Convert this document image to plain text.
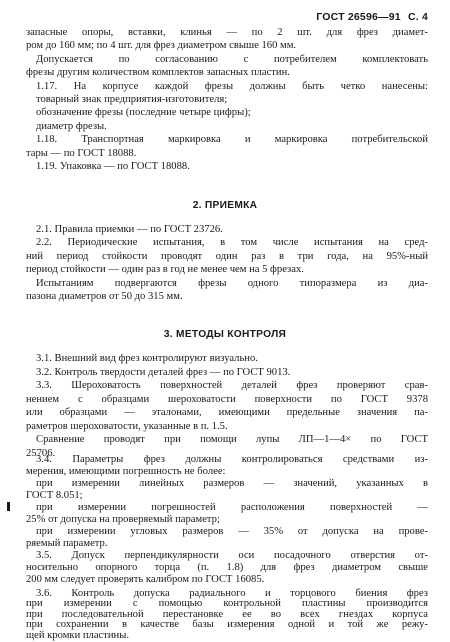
ГОСТ 26596—91 С. 4
запасные опоры, вставки, клинья — по 2 шт. для фрез диамет-
ром до 160 мм; по 4 шт. для фрез диаметром свыше 160 мм.
Допускается по согласованию с потребителем комплектовать
фрезы другим количеством комплектов запасных пластин.
1.17. На корпусе каждой фрезы должны быть четко нанесены:
товарный знак предприятия-изготовителя;
обозначение фрезы (последние четыре цифры);
диаметр фрезы.
1.18. Транспортная маркировка и маркировка потребительской
тары — по ГОСТ 18088.
1.19. Упаковка — по ГОСТ 18088.
2. ПРИЕМКА
2.1. Правила приемки — по ГОСТ 23726.
2.2. Периодические испытания, в том числе испытания на сред-
ний период стойкости проводят один раз в три года, на 95%-ный
период стойкости — один раз в год не менее чем на 5 фрезах.
Испытаниям подвергаются фрезы одного типоразмера из диа-
пазона диаметров от 50 до 315 мм.
3. МЕТОДЫ КОНТРОЛЯ
3.1. Внешний вид фрез контролируют визуально.
3.2. Контроль твердости деталей фрез — по ГОСТ 9013.
3.3. Шероховатость поверхностей деталей фрез проверяют срав-
нением с образцами шероховатости поверхности по ГОСТ 9378
или образцами — эталонами, имеющими предельные значения па-
раметров шероховатости, указанные в п. 1.5.
Сравнение проводят при помощи лупы ЛП—1—4× по ГОСТ
25706.
3.4. Параметры фрез должны контролироваться средствами из-
мерения, имеющими погрешность не более:
при измерении линейных размеров — значений, указанных в
ГОСТ 8.051;
при измерении погрешностей расположения поверхностей —
25% от допуска на проверяемый параметр;
при измерении угловых размеров — 35% от допуска на прове-
ряемый параметр.
3.5. Допуск перпендикулярности оси посадочного отверстия от-
носительно опорного торца (п. 1.8) для фрез диаметром свыше
200 мм следует проверять калибром по ГОСТ 16085.
3.6. Контроль допуска радиального и торцового биения фрез
при измерении с помощью контрольной пластины производится
при последовательной перестановке ее во всех гнездах корпуса
при сохранении в качестве базы измерения одной и той же режу-
щей кромки пластины.
